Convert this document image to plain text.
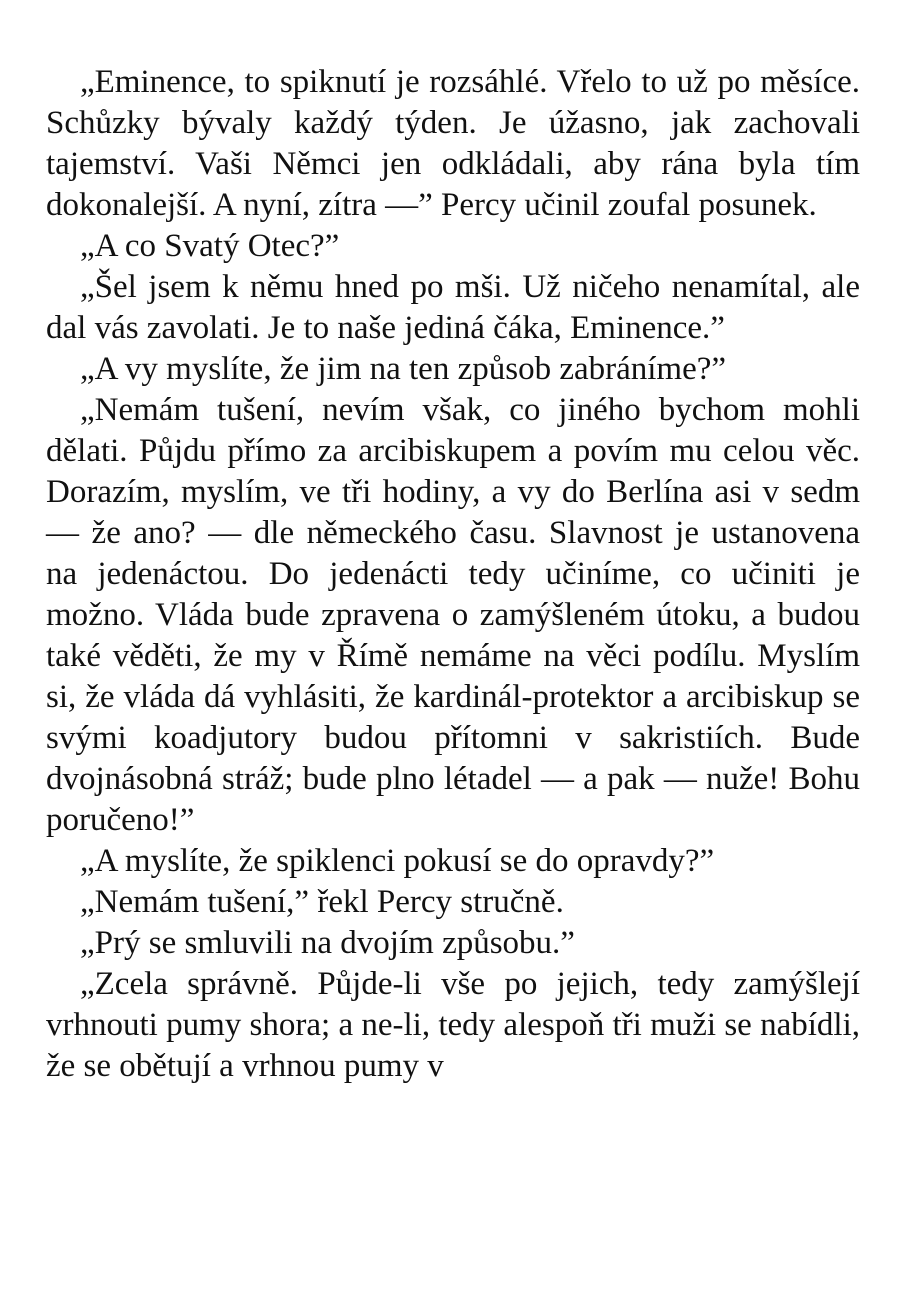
„Eminence, to spiknutí je rozsáhlé. Vřelo to už po měsíce. Schůzky bývaly každý týden. Je úžasno, jak zachovali tajemství. Vaši Němci jen odkládali, aby rána byla tím dokonalejší. A nyní, zítra —” Percy učinil zoufal posunek.

„A co Svatý Otec?”

„Šel jsem k němu hned po mši. Už ničeho nenamítal, ale dal vás zavolati. Je to naše jediná čáka, Eminence.”

„A vy myslíte, že jim na ten způsob zabráníme?”

„Nemám tušení, nevím však, co jiného bychom mohli dělati. Půjdu přímo za arcibiskupem a povím mu celou věc. Dorazím, myslím, ve tři hodiny, a vy do Berlína asi v sedm — že ano? — dle německého času. Slavnost je ustanovena na jedenáctou. Do jedenácti tedy učiníme, co učiniti je možno. Vláda bude zpravena o zamýšleném útoku, a budou také věděti, že my v Římě nemáme na věci podílu. Myslím si, že vláda dá vyhlásiti, že kardinál-protektor a arcibiskup se svými koadjutory budou přítomni v sakristiích. Bude dvojnásobná stráž; bude plno létadel — a pak — nuže! Bohu poručeno!”

„A myslíte, že spiklenci pokusí se do opravdy?”

„Nemám tušení,” řekl Percy stručně.

„Prý se smluvili na dvojím způsobu.”

„Zcela správně. Půjde-li vše po jejich, tedy zamýšlejí vrhnouti pumy shora; a ne-li, tedy alespoň tři muži se nabídli, že se obětují a vrhnou pumy v
